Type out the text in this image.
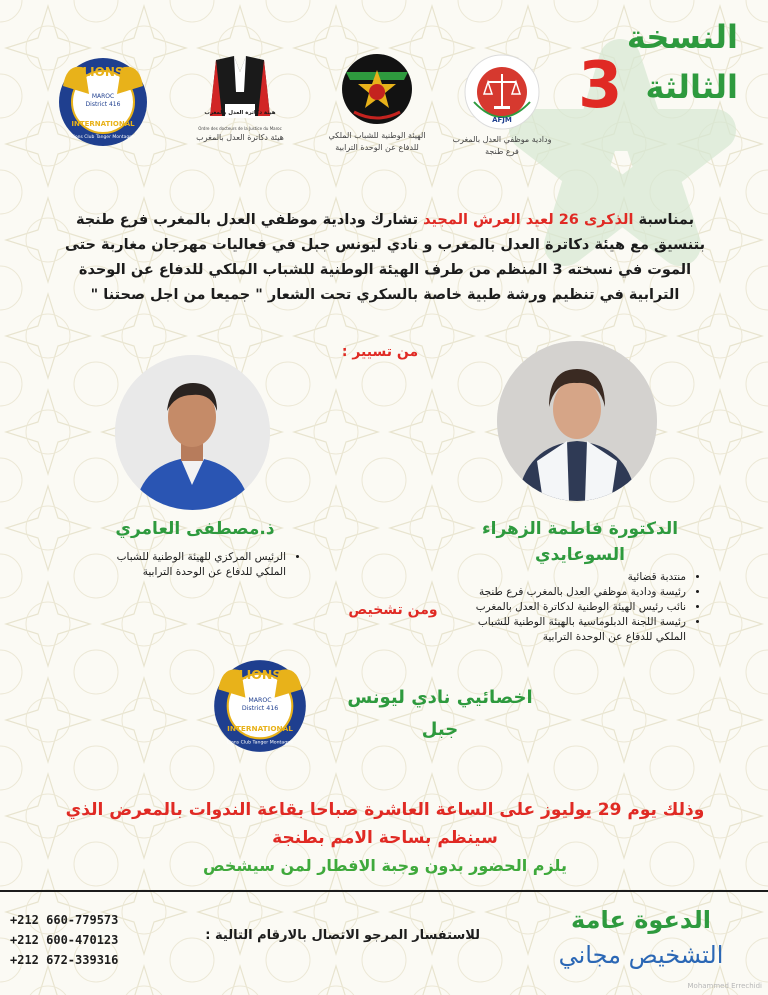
النسخة
الثالثة
3
LIONS
MAROC
District 416
INTERNATIONAL
Lions Club Tanger Montagne
هيئة دكاترة العدل بالمغرب
Ordre des docteurs de la Justice du Maroc
هيئة دكاترة العدل بالمغرب	الهيئة الوطنية للشباب الملكي للدفاع عن الوحدة الترابية
AFJM
ودادية موظفي العدل بالمغرب فرع طنجة
بمناسبة الذكرى 26 لعيد العرش المجيد تشارك ودادية موظفي العدل بالمغرب فرع طنجة بتنسيق مع هيئة دكاترة العدل بالمغرب و نادي ليونس جبل في فعاليات مهرجان مغاربة حتى الموت في نسخته 3 المنظم من طرف الهيئة الوطنية للشباب الملكي للدفاع عن الوحدة الترابية في تنظيم ورشة طبية خاصة بالسكري تحت الشعار " جميعا من اجل صحتنا "
من تسيير :
ذ.مصطفى العامري
• الرئيس المركزي للهيئة الوطنية للشباب الملكي للدفاع عن الوحدة الترابية
الدكتورة فاطمة الزهراء
السوعايدي
• منتدبة قضائية
• رئيسة ودادية موظفي العدل بالمغرب فرع طنجة
• نائب رئيس الهيئة الوطنية لدكاترة العدل بالمغرب
• رئيسة اللجنة الدبلوماسية بالهيئة الوطنية للشباب الملكي للدفاع عن الوحدة الترابية
ومن تشخيص
LIONS
MAROC
District 416
INTERNATIONAL
Lions Club Tanger Montagne
اخصائيي نادي ليونس
جبل
وذلك يوم 29 يوليوز على الساعة العاشرة صباحا بقاعة الندوات بالمعرض الذي
سينظم بساحة الامم بطنجة
يلزم الحضور بدون وجبة الافطار لمن سيشخص
+212 660-779573
+212 600-470123
+212 672-339316
للاستفسار المرجو الاتصال بالارقام التالية :
الدعوة عامة
التشخيص مجاني
Mohammed Errechidi
